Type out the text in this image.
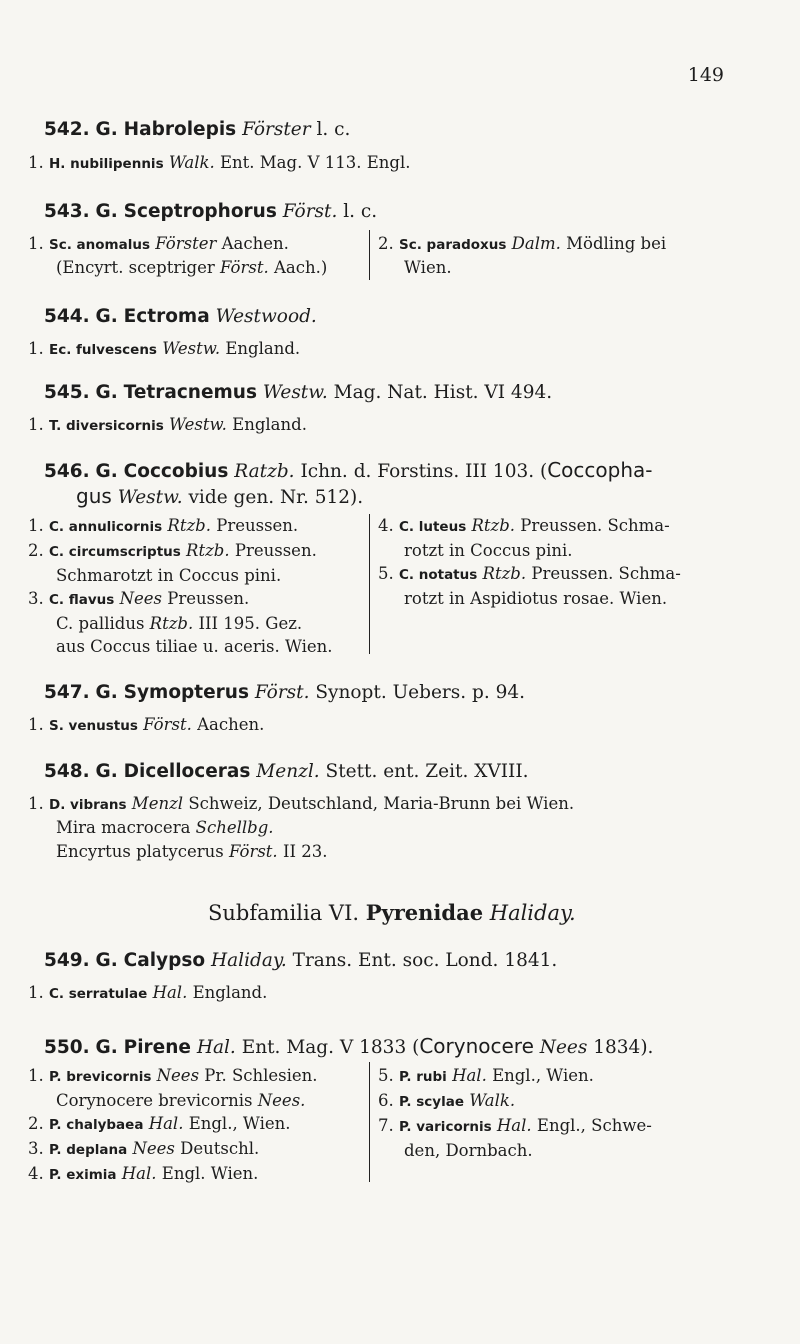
149
542. G. Habrolepis Förster l. c.
1. H. nubilipennis Walk. Ent. Mag. V 113. Engl.
543. G. Sceptrophorus Först. l. c.
1. Sc. anomalus Förster Aachen.
(Encyrt. sceptriger Först. Aach.)
2. Sc. paradoxus Dalm. Mödling bei
Wien.
544. G. Ectroma Westwood.
1. Ec. fulvescens Westw. England.
545. G. Tetracnemus Westw. Mag. Nat. Hist. VI 494.
1. T. diversicornis Westw. England.
546. G. Coccobius Ratzb. Ichn. d. Forstins. III 103. (Coccopha-
gus Westw. vide gen. Nr. 512).
1. C. annulicornis Rtzb. Preussen.
2. C. circumscriptus Rtzb. Preussen.
Schmarotzt in Coccus pini.
3. C. flavus Nees Preussen.
C. pallidus Rtzb. III 195. Gez.
aus Coccus tiliae u. aceris. Wien.
4. C. luteus Rtzb. Preussen. Schma-
rotzt in Coccus pini.
5. C. notatus Rtzb. Preussen. Schma-
rotzt in Aspidiotus rosae. Wien.
547. G. Symopterus Först. Synopt. Uebers. p. 94.
1. S. venustus Först. Aachen.
548. G. Dicelloceras Menzl. Stett. ent. Zeit. XVIII.
1. D. vibrans Menzl Schweiz, Deutschland, Maria-Brunn bei Wien.
Mira macrocera Schellbg.
Encyrtus platycerus Först. II 23.
Subfamilia VI. Pyrenidae Haliday.
549. G. Calypso Haliday. Trans. Ent. soc. Lond. 1841.
1. C. serratulae Hal. England.
550. G. Pirene Hal. Ent. Mag. V 1833 (Corynocere Nees 1834).
1. P. brevicornis Nees Pr. Schlesien.
Corynocere brevicornis Nees.
2. P. chalybaea Hal. Engl., Wien.
3. P. deplana Nees Deutschl.
4. P. eximia Hal. Engl. Wien.
5. P. rubi Hal. Engl., Wien.
6. P. scylae Walk.
7. P. varicornis Hal. Engl., Schwe-
den, Dornbach.
